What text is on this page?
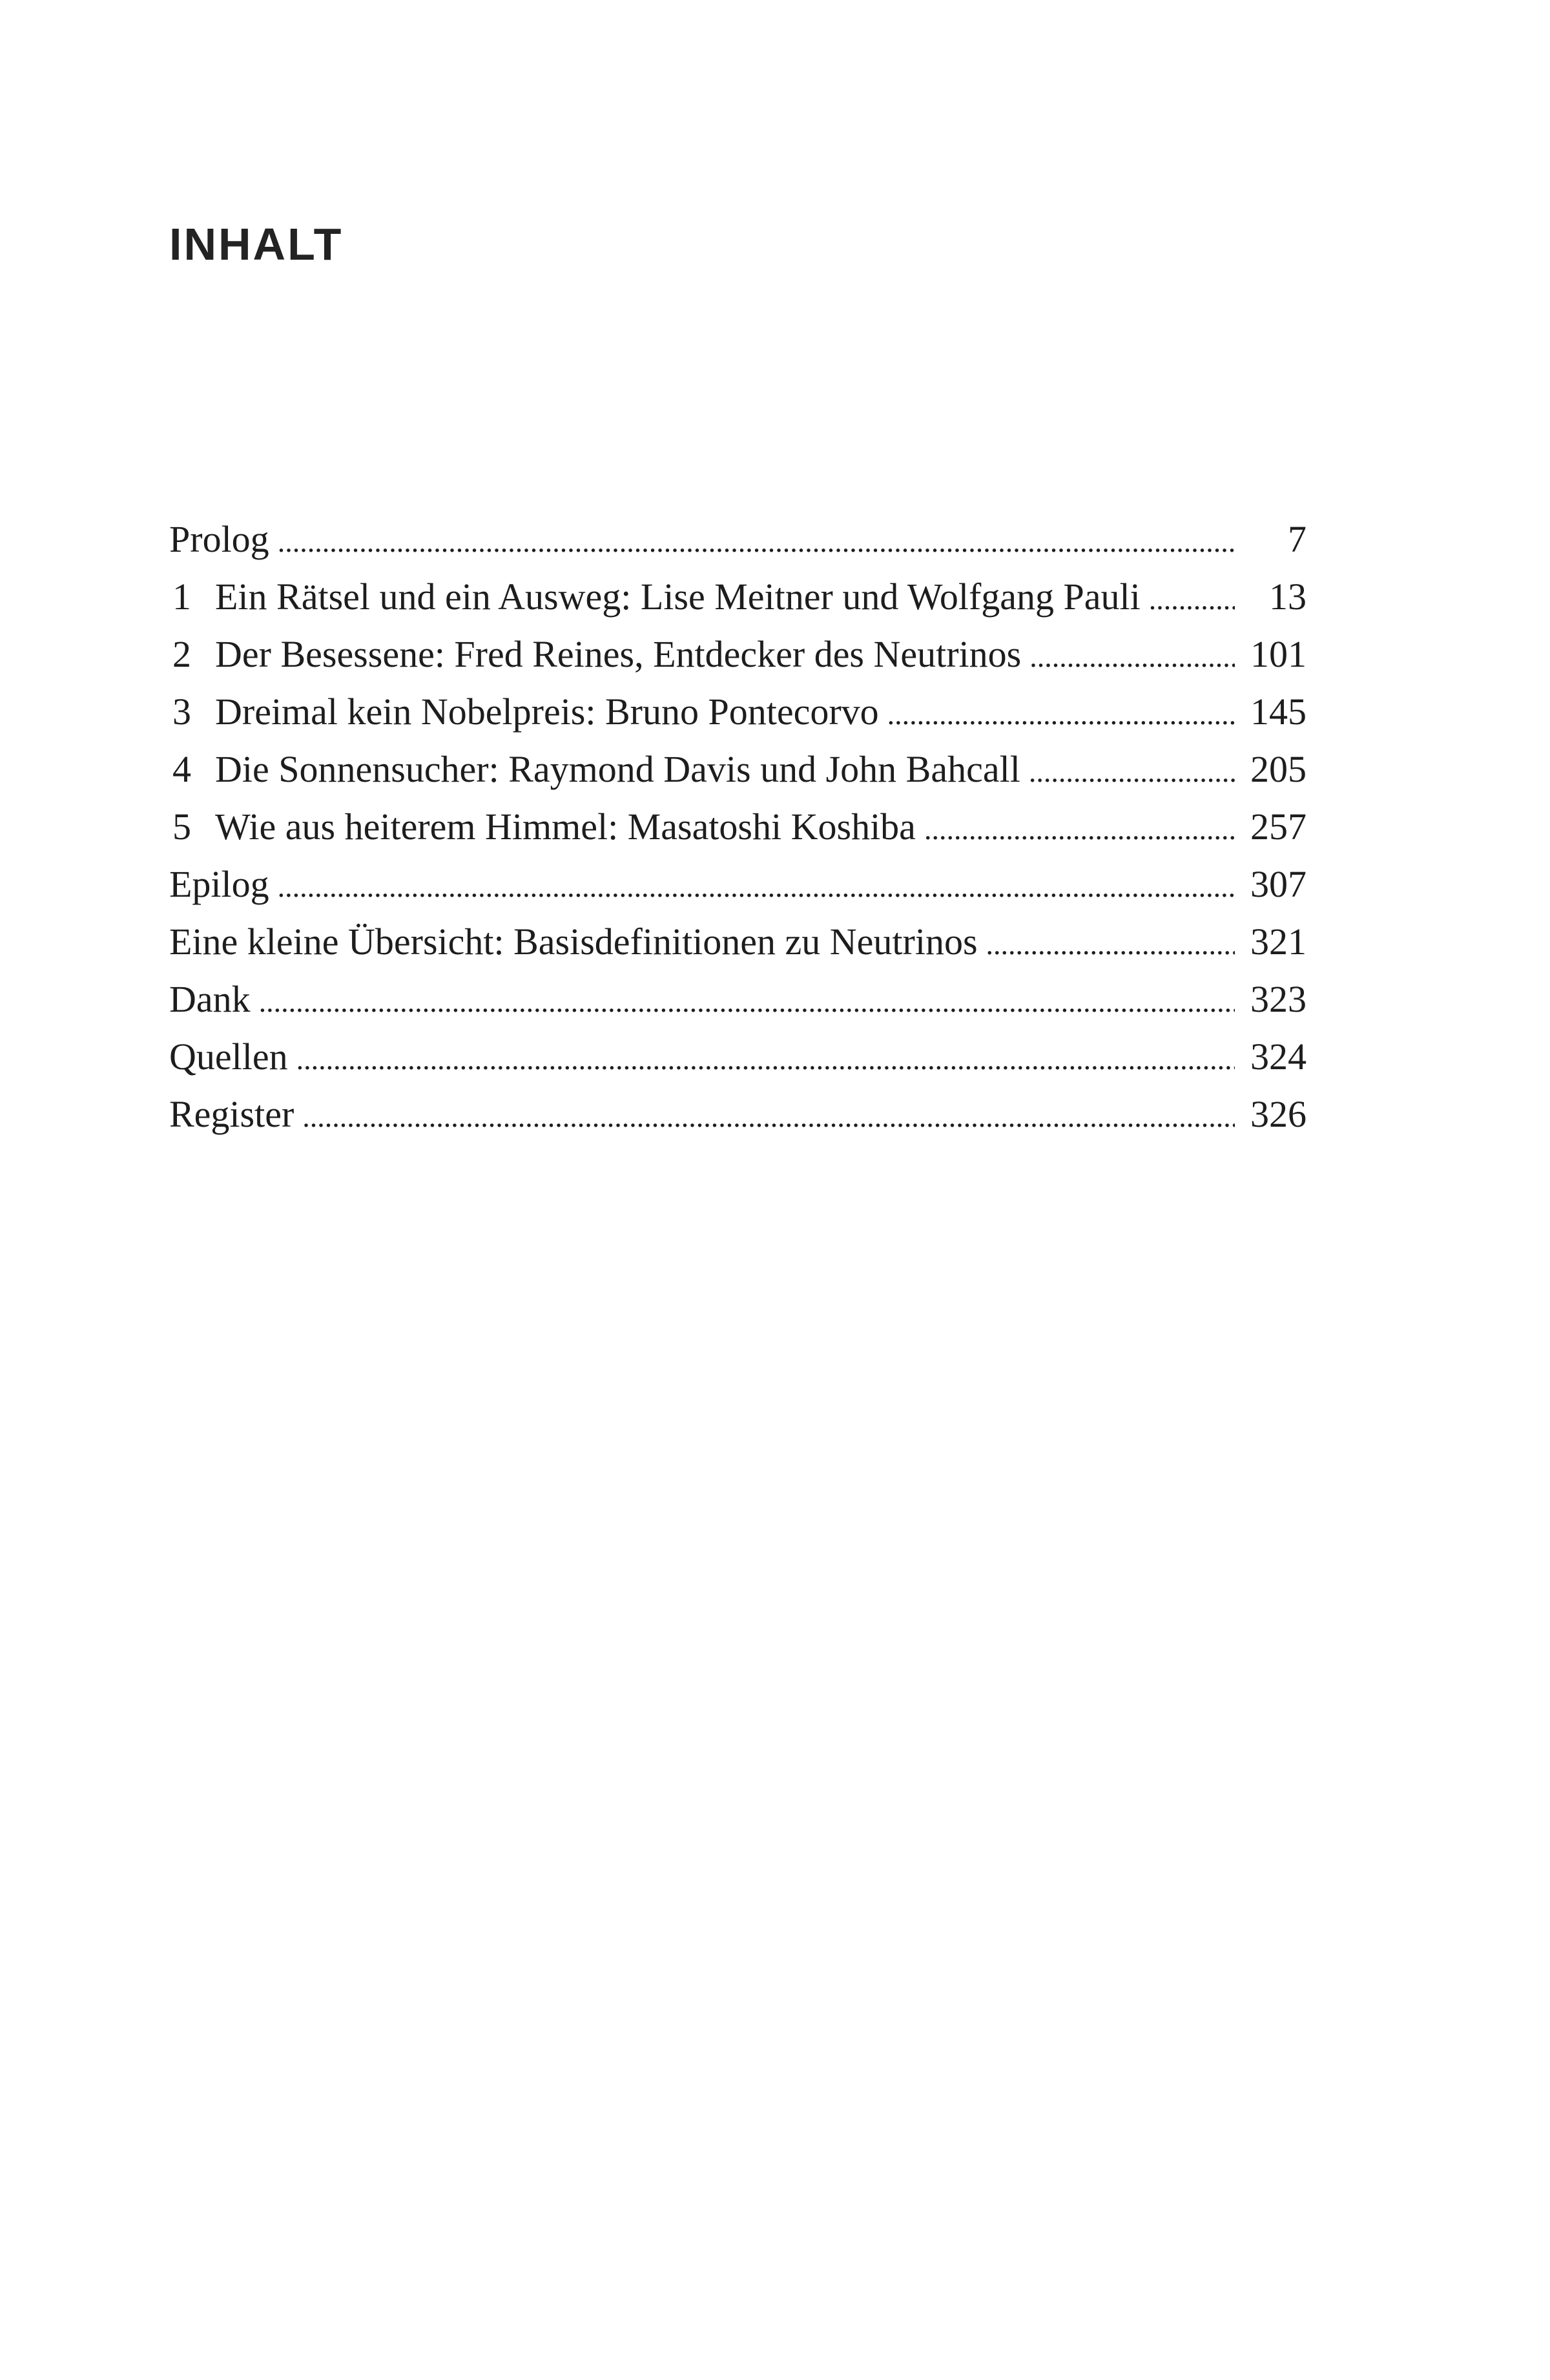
INHALT
Prolog .....	7
1 Ein Rätsel und ein Ausweg: Lise Meitner und Wolfgang Pauli .....	13
2 Der Besessene: Fred Reines, Entdecker des Neutrinos .....	101
3 Dreimal kein Nobelpreis: Bruno Pontecorvo .....	145
4 Die Sonnensucher: Raymond Davis und John Bahcall .....	205
5 Wie aus heiterem Himmel: Masatoshi Koshiba .....	257
Epilog .....	307
Eine kleine Übersicht: Basisdefinitionen zu Neutrinos .....	321
Dank .....	323
Quellen .....	324
Register .....	326
